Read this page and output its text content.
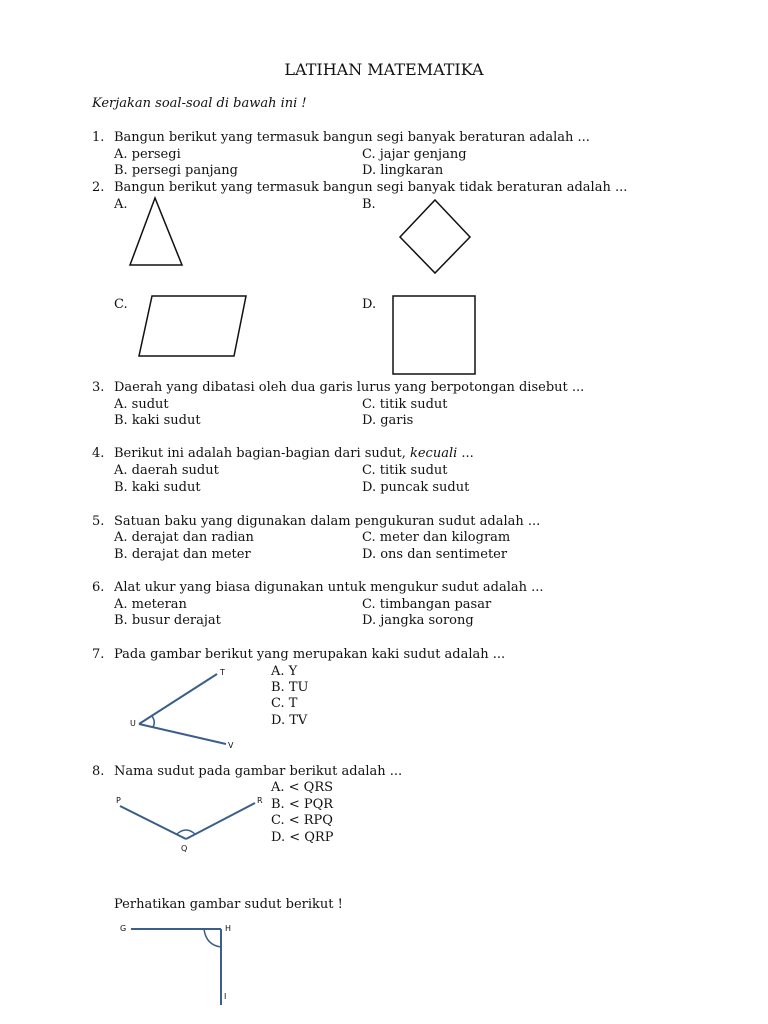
LATIHAN MATEMATIKA
Kerjakan soal-soal di bawah ini !
1. Bangun berikut yang termasuk bangun segi banyak beraturan adalah ...
A. persegi
B. persegi panjang
C. jajar genjang
D. lingkaran
2. Bangun berikut yang termasuk bangun segi banyak tidak beraturan adalah ...
A.	B.
C.	D.
3. Daerah yang dibatasi oleh dua garis lurus yang berpotongan disebut ...
A. sudut
B. kaki sudut
C. titik sudut
D. garis
4. Berikut ini adalah bagian-bagian dari sudut, kecuali ...
A. daerah sudut
B. kaki sudut
C. titik sudut
D. puncak sudut
5. Satuan baku yang digunakan dalam pengukuran sudut adalah ...
A. derajat dan radian
B. derajat dan meter
C. meter dan kilogram
D. ons dan sentimeter
6. Alat ukur yang biasa digunakan untuk mengukur sudut adalah ...
A. meteran
B. busur derajat
C. timbangan pasar
D. jangka sorong
7. Pada gambar berikut yang merupakan kaki sudut adalah ...
A. Y
B. TU
C. T
D. TV
T
U
V
8. Nama sudut pada gambar berikut adalah ...
A. < QRS
B. < PQR
C. < RPQ
D. < QRP
P
Q
R
Perhatikan gambar sudut berikut !
G	H
I
